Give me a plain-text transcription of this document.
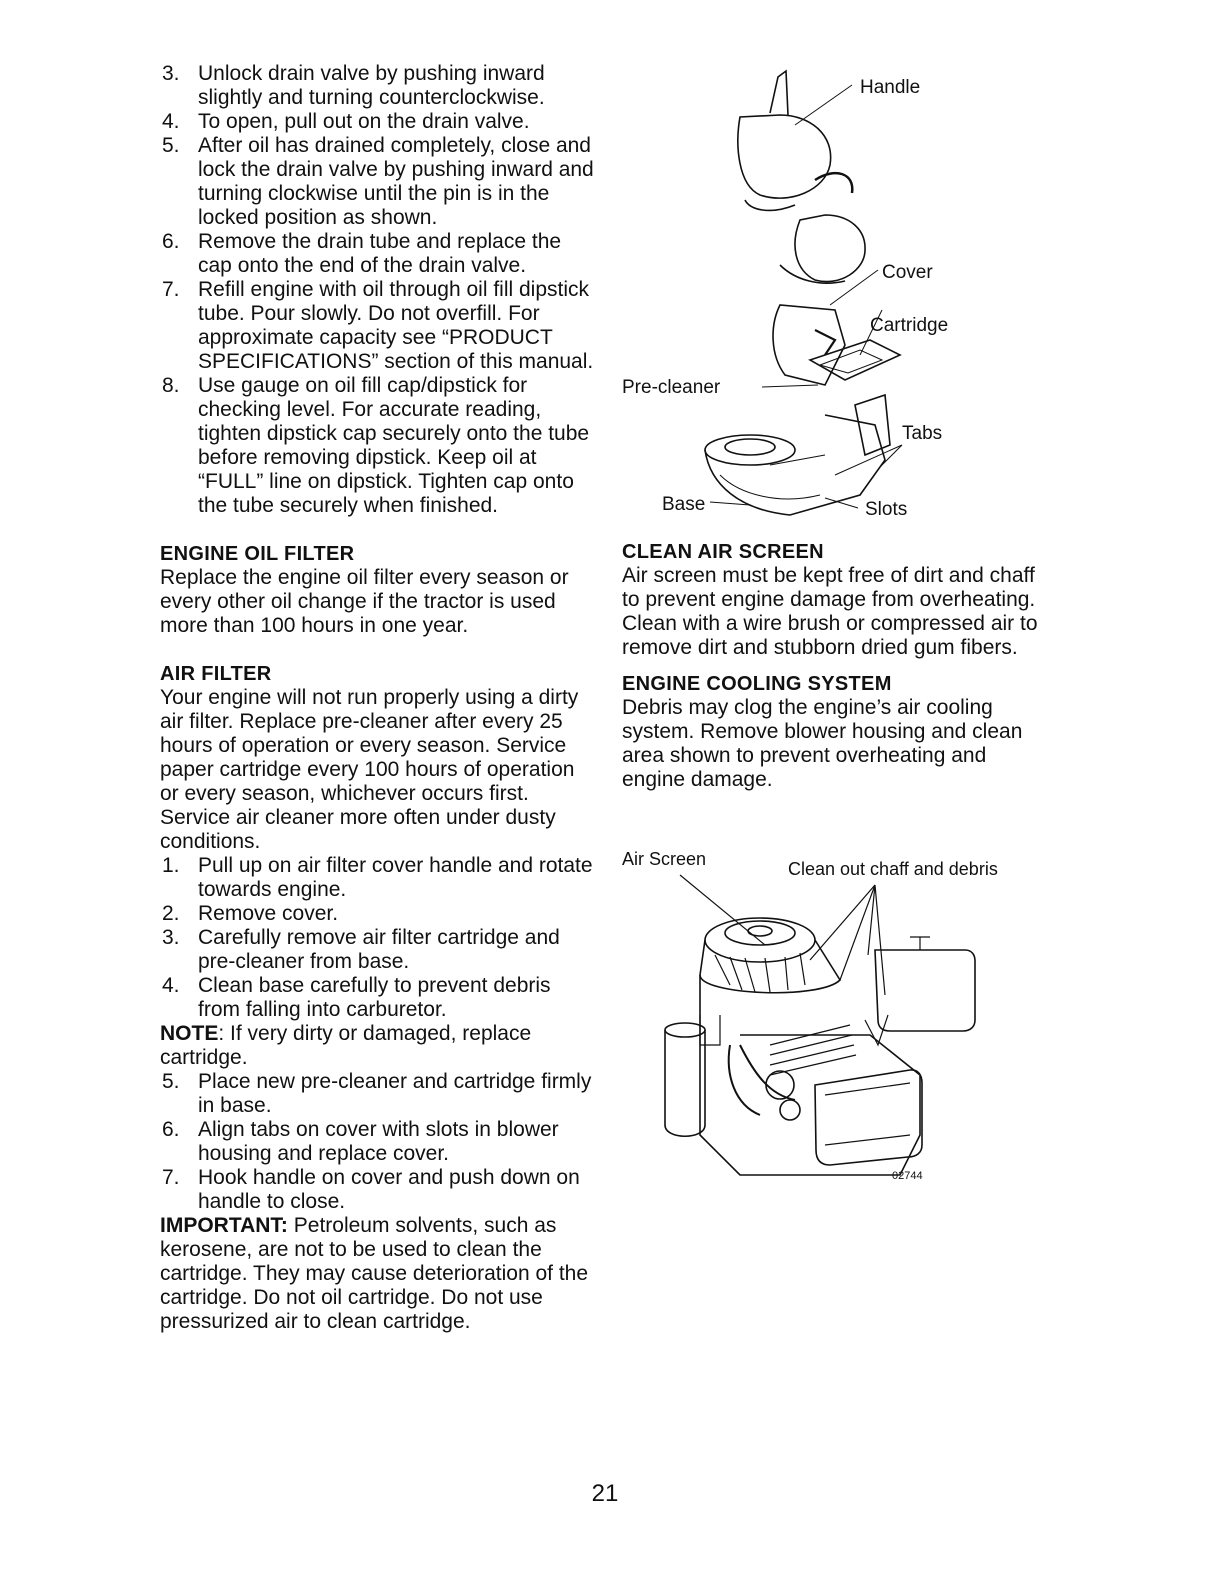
3. Unlock drain valve by pushing inward slightly and turning counterclockwise.
4. To open, pull out on the drain valve.
5. After oil has drained completely, close and lock the drain valve by pushing inward and turning clockwise until the pin is in the locked position as shown.
6. Remove the drain tube and replace the cap onto the end of the drain valve.
7. Refill engine with oil through oil fill dipstick tube. Pour slowly. Do not overfill. For approximate capacity see “PRODUCT SPECIFICATIONS” section of this manual.
8. Use gauge on oil fill cap/dipstick for checking level. For accurate reading, tighten dipstick cap securely onto the tube before removing dipstick. Keep oil at “FULL” line on dipstick. Tighten cap onto the tube securely when finished.
ENGINE OIL FILTER

Replace the engine oil filter every season or every other oil change if the tractor is used more than 100 hours in one year.

AIR FILTER

Your engine will not run properly using a dirty air filter. Replace pre-cleaner after every 25 hours of operation or every season. Service paper cartridge every 100 hours of operation or every season, whichever occurs first.

Service air cleaner more often under dusty conditions.

1. Pull up on air filter cover handle and rotate towards engine.
2. Remove cover.
3. Carefully remove air filter cartridge and pre-cleaner from base.
4. Clean base carefully to prevent debris from falling into carburetor.

NOTE: If very dirty or damaged, replace cartridge.

5. Place new pre-cleaner and cartridge firmly in base.
6. Align tabs on cover with slots in blower housing and replace cover.
7. Hook handle on cover and push down on handle to close.

IMPORTANT: Petroleum solvents, such as kerosene, are not to be used to clean the cartridge. They may cause deterioration of the cartridge. Do not oil cartridge. Do not use pressurized air to clean cartridge.

Handle
Cover
Cartridge
Pre-cleaner
Tabs
Base	Slots
CLEAN AIR SCREEN

Air screen must be kept free of dirt and chaff to prevent engine damage from overheating. Clean with a wire brush or compressed air to remove dirt and stubborn dried gum fibers.

ENGINE COOLING SYSTEM

Debris may clog the engine’s air cooling system. Remove blower housing and clean area shown to prevent overheating and engine damage.

Air Screen	Clean out chaff and debris
02744
21
